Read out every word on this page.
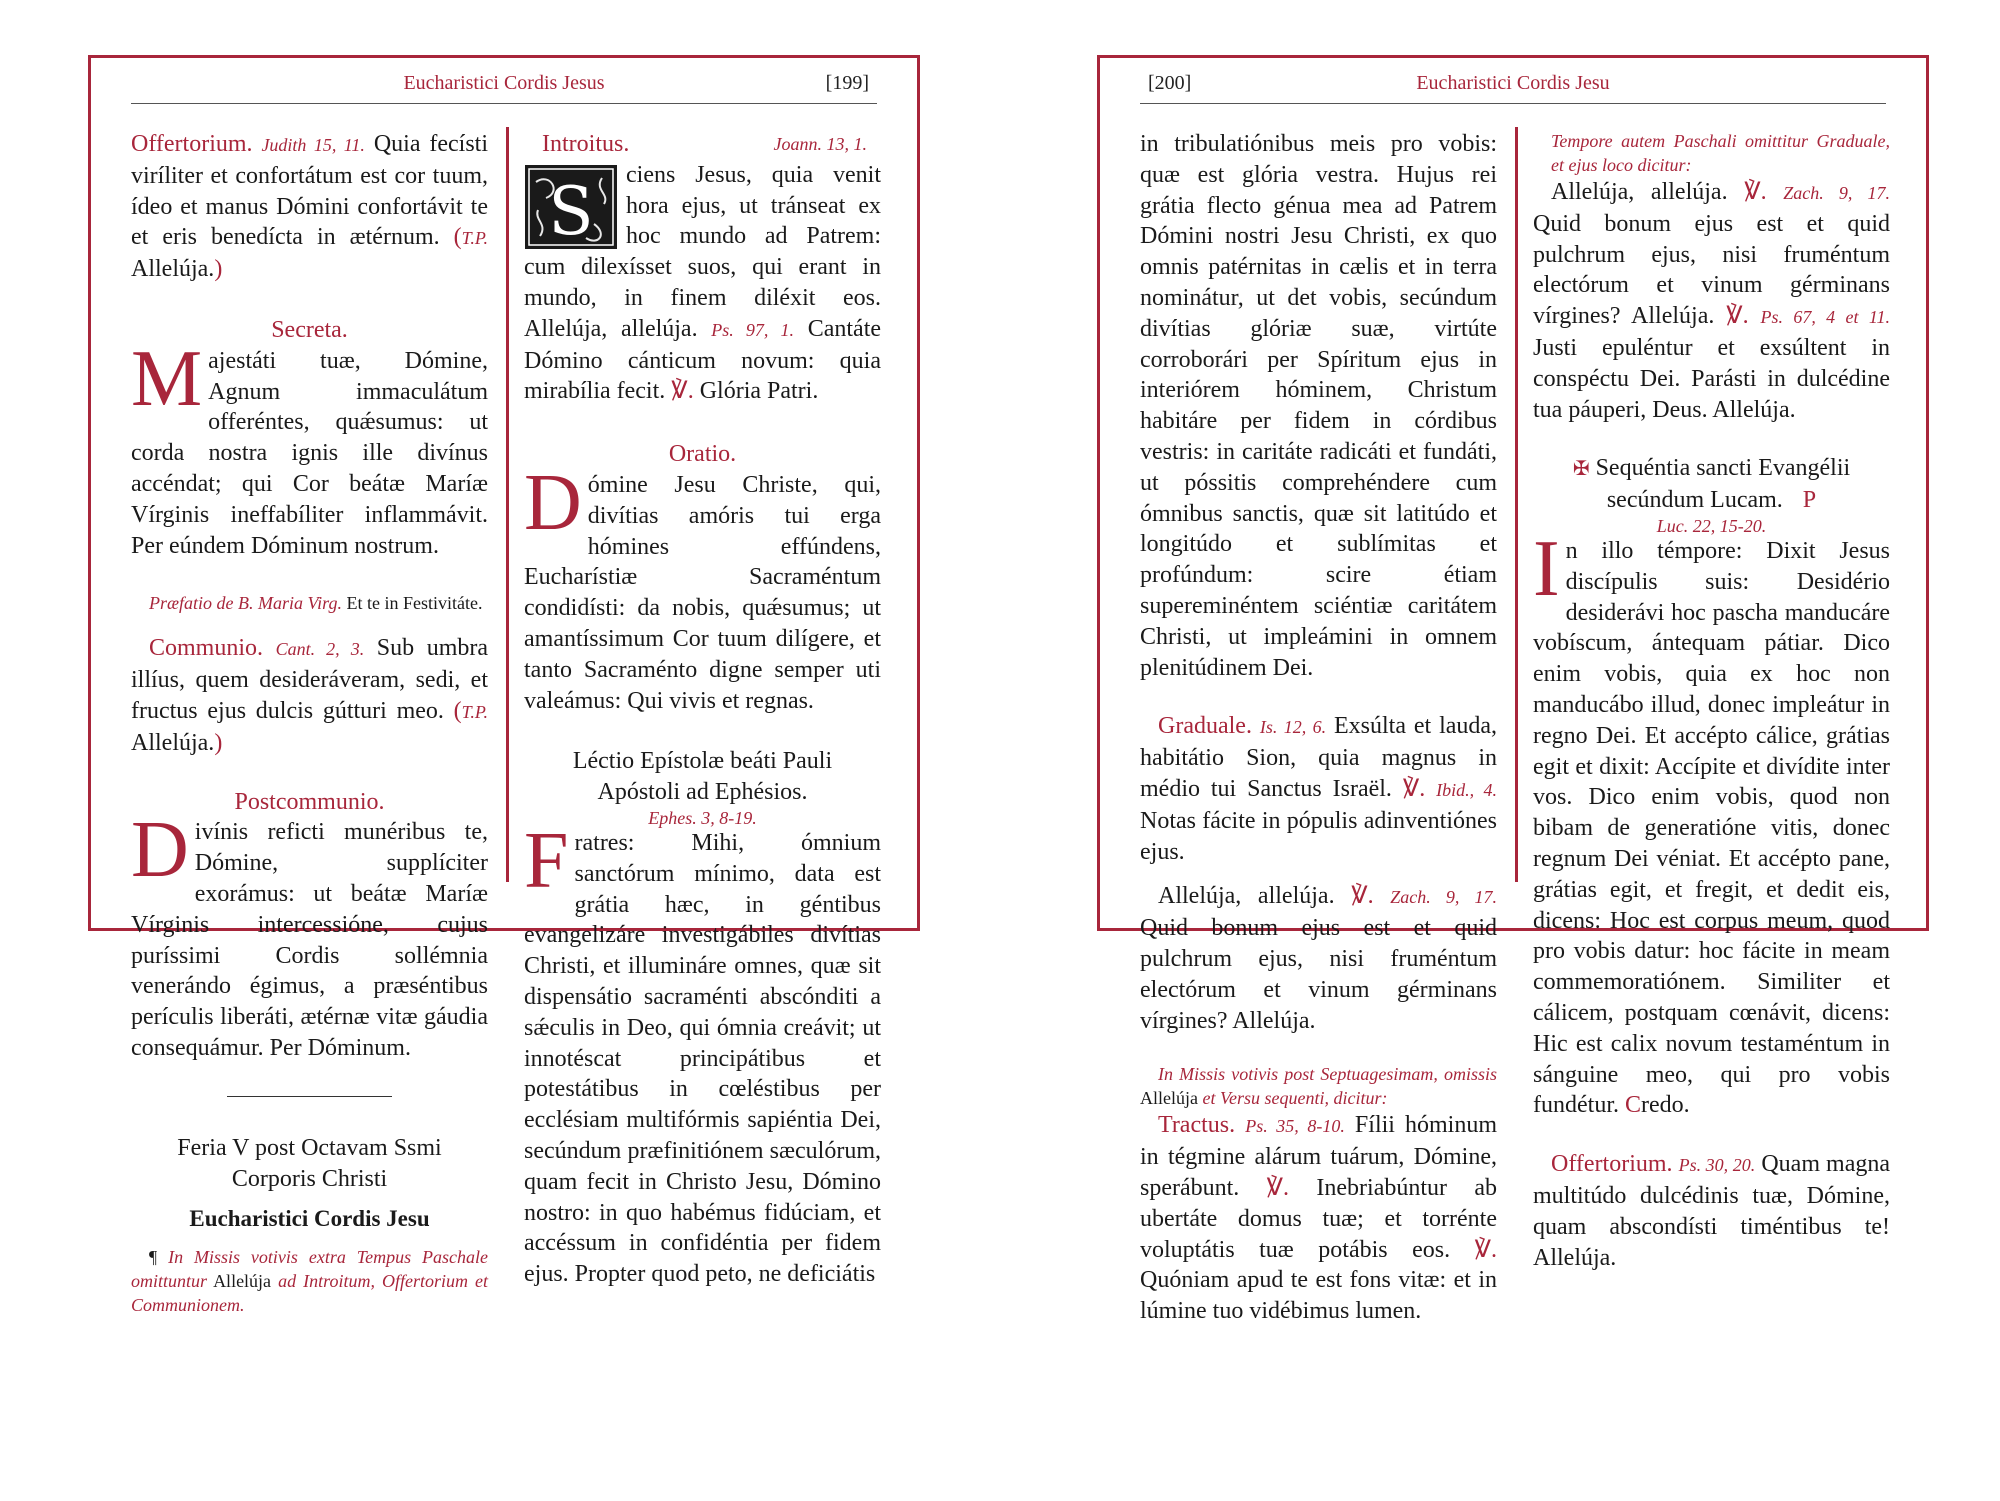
Eucharistici Cordis Jesus	[199]

Offertorium. Judith 15, 11. Quia fecísti viríliter et confortátum est cor tuum, ídeo et manus Dómini confortávit te et eris benedícta in ætérnum. (T.P. Allelúja.)

Secreta.

Majestáti tuæ, Dómine, Agnum immaculátum offeréntes, quǽsumus: ut corda nostra ignis ille divínus accéndat; qui Cor beátæ Maríæ Vírginis ineffabíliter inflammávit. Per eúndem Dóminum nostrum.

Præfatio de B. Maria Virg. Et te in Festivitáte.

Communio. Cant. 2, 3. Sub umbra illíus, quem desideráveram, sedi, et fructus ejus dulcis gútturi meo. (T.P. Allelúja.)

Postcommunio.

Divínis reficti munéribus te, Dómine, supplíciter exorámus: ut beátæ Maríæ Vírginis intercessióne, cujus puríssimi Cordis sollémnia venerándo égimus, a præséntibus perículis liberáti, ætérnæ vitæ gáudia consequámur. Per Dóminum.

Feria V post Octavam Ssmi

Corporis Christi

Eucharistici Cordis Jesu

¶ In Missis votivis extra Tempus Paschale omittuntur Allelúja ad Introitum, Offertorium et Communionem.

Introitus.	Joann. 13, 1.

S ciens Jesus, quia venit hora ejus, ut tránseat ex hoc mundo ad Patrem: cum dilexísset suos, qui erant in mundo, in finem diléxit eos. Allelúja, allelúja. Ps. 97, 1. Cantáte Dómino cánticum novum: quia mirabília fecit. ℣. Glória Patri.

Oratio.

Dómine Jesu Christe, qui, divítias amóris tui erga hómines effúndens, Eucharístiæ Sacraméntum condidísti: da nobis, quǽsumus; ut amantíssimum Cor tuum dilígere, et tanto Sacraménto digne semper uti valeámus: Qui vivis et regnas.

Léctio Epístolæ beáti Pauli

Apóstoli ad Ephésios.

Ephes. 3, 8-19.

Fratres: Mihi, ómnium sanctórum mínimo, data est grátia hæc, in géntibus evangelizáre investigábiles divítias Christi, et illumináre omnes, quæ sit dispensátio sacraménti abscónditi a sǽculis in Deo, qui ómnia creávit; ut innotéscat principátibus et potestátibus in cœléstibus per ecclésiam multifórmis sapiéntia Dei, secúndum præfinitiónem sæculórum, quam fecit in Christo Jesu, Dómino nostro: in quo habémus fidúciam, et accéssum in confidéntia per fidem ejus. Propter quod peto, ne deficiátis

Eucharistici Cordis Jesu
[200]

in tribulatiónibus meis pro vobis: quæ est glória vestra. Hujus rei grátia flecto génua mea ad Patrem Dómini nostri Jesu Christi, ex quo omnis patérnitas in cælis et in terra nominátur, ut det vobis, secúndum divítias glóriæ suæ, virtúte corroborári per Spíritum ejus in interiórem hóminem, Christum habitáre per fidem in córdibus vestris: in caritáte radicáti et fundáti, ut póssitis comprehéndere cum ómnibus sanctis, quæ sit latitúdo et longitúdo et sublímitas et profúndum: scire étiam supereminéntem sciéntiæ caritátem Christi, ut impleámini in omnem plenitúdinem Dei.

Graduale. Is. 12, 6. Exsúlta et lauda, habitátio Sion, quia magnus in médio tui Sanctus Israël. ℣. Ibid., 4. Notas fácite in pópulis adinventiónes ejus.

Allelúja, allelúja. ℣. Zach. 9, 17. Quid bonum ejus est et quid pulchrum ejus, nisi fruméntum electórum et vinum gérminans vírgines? Allelúja.

In Missis votivis post Septuagesimam, omissis Allelúja et Versu sequenti, dicitur:

Tractus. Ps. 35, 8-10. Fílii hóminum in tégmine alárum tuárum, Dómine, sperábunt. ℣. Inebriabúntur ab ubertáte domus tuæ; et torrénte voluptátis tuæ potábis eos. ℣. Quóniam apud te est fons vitæ: et in lúmine tuo vidébimus lumen.

Tempore autem Paschali omittitur Graduale, et ejus loco dicitur:

Allelúja, allelúja. ℣. Zach. 9, 17. Quid bonum ejus est et quid pulchrum ejus, nisi fruméntum electórum et vinum gérminans vírgines? Allelúja. ℣. Ps. 67, 4 et 11. Justi epuléntur et exsúltent in conspéctu Dei. Parásti in dulcédine tua páuperi, Deus. Allelúja.

✠ Sequéntia sancti Evangélii

secúndum Lucam. P

Luc. 22, 15-20.

In illo témpore: Dixit Jesus discípulis suis: Desidério desiderávi hoc pascha manducáre vobíscum, ántequam pátiar. Dico enim vobis, quia ex hoc non manducábo illud, donec impleátur in regno Dei. Et accépto cálice, grátias egit et dixit: Accípite et divídite inter vos. Dico enim vobis, quod non bibam de generatióne vitis, donec regnum Dei véniat. Et accépto pane, grátias egit, et fregit, et dedit eis, dicens: Hoc est corpus meum, quod pro vobis datur: hoc fácite in meam commemoratiónem. Similiter et cálicem, postquam cœnávit, dicens: Hic est calix novum testaméntum in sánguine meo, qui pro vobis fundétur. Credo.

Offertorium. Ps. 30, 20. Quam magna multitúdo dulcédinis tuæ, Dómine, quam abscondísti timéntibus te! Allelúja.
